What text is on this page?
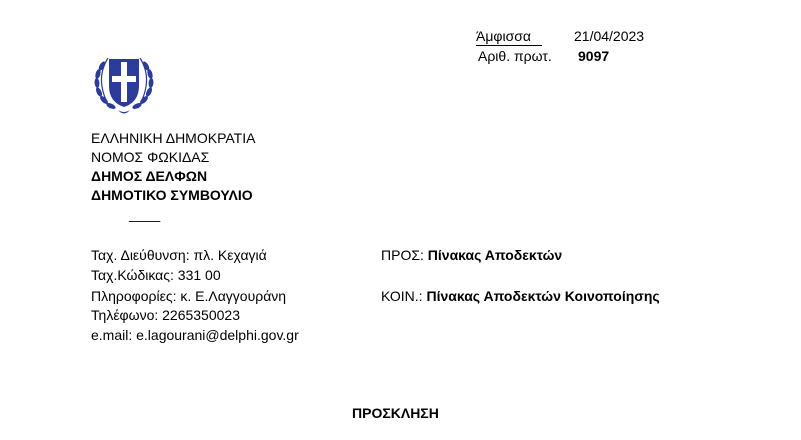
Άμφισσα	21/04/2023
Αριθ. πρωτ. 9097
ΕΛΛΗΝΙΚΗ ΔΗΜΟΚΡΑΤΙΑ
ΝΟΜΟΣ ΦΩΚΙΔΑΣ
ΔΗΜΟΣ ΔΕΛΦΩΝ
ΔΗΜΟΤΙΚΟ ΣΥΜΒΟΥΛΙΟ
____
Ταχ. Διεύθυνση: πλ. Κεχαγιά
Ταχ.Κώδικας: 331 00
Πληροφορίες: κ. Ε.Λαγγουράνη
Τηλέφωνο: 2265350023
e.mail: e.lagourani@delphi.gov.gr
ΠΡΟΣ: Πίνακας Αποδεκτών
ΚΟΙΝ.: Πίνακας Αποδεκτών Κοινοποίησης
ΠΡΟΣΚΛΗΣΗ
